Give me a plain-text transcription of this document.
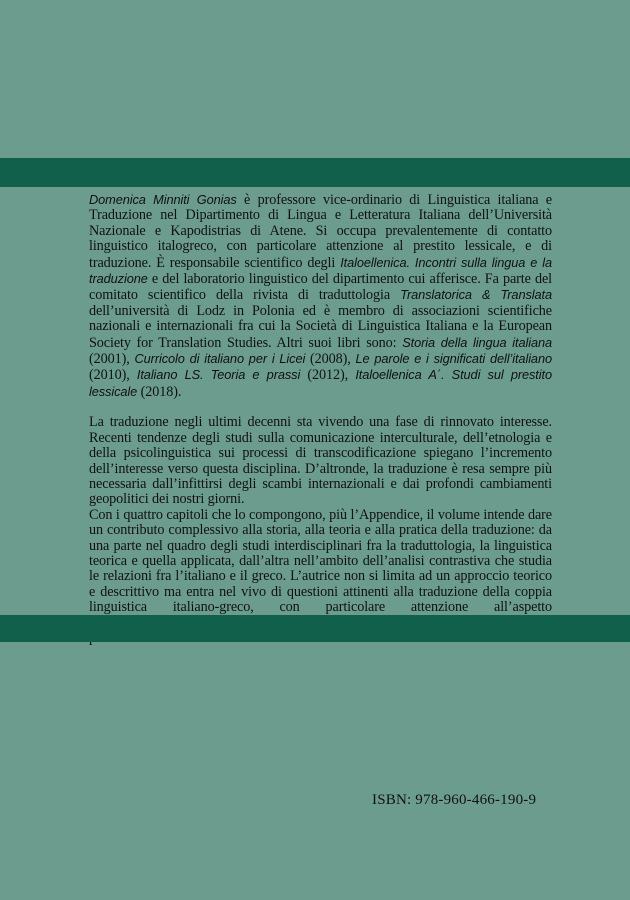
Domenica Minniti Gonias è professore vice-ordinario di Linguistica italiana e Traduzione nel Dipartimento di Lingua e Letteratura Italiana dell’Università Nazionale e Kapodistrias di Atene. Si occupa prevalentemente di contatto linguistico italogreco, con particolare attenzione al prestito lessicale, e di traduzione. È responsabile scientifico degli Italoellenica. Incontri sulla lingua e la traduzione e del laboratorio linguistico del dipartimento cui afferisce. Fa parte del comitato scientifico della rivista di traduttologia Translatorica & Translata dell’università di Lodz in Polonia ed è membro di associazioni scientifiche nazionali e internazionali fra cui la Società di Linguistica Italiana e la European Society for Translation Studies. Altri suoi libri sono: Storia della lingua italiana (2001), Curricolo di italiano per i Licei (2008), Le parole e i significati dell’italiano (2010), Italiano LS. Teoria e prassi (2012), Italoellenica A΄. Studi sul prestito lessicale (2018).

La traduzione negli ultimi decenni sta vivendo una fase di rinnovato interesse. Recenti tendenze degli studi sulla comunicazione interculturale, dell’etnologia e della psicolinguistica sui processi di transcodificazione spiegano l’incremento dell’interesse verso questa disciplina. D’altronde, la traduzione è resa sempre più necessaria dall’infittirsi degli scambi internazionali e dai profondi cambiamenti geopolitici dei nostri giorni.

Con i quattro capitoli che lo compongono, più l’Appendice, il volume intende dare un contributo complessivo alla storia, alla teoria e alla pratica della traduzione: da una parte nel quadro degli studi interdisciplinari fra la traduttologia, la linguistica teorica e quella applicata, dall’altra nell’ambito dell’analisi contrastiva che studia le relazioni fra l’italiano e il greco. L’autrice non si limita ad un approccio teorico e descrittivo ma entra nel vivo di questioni attinenti alla traduzione della coppia linguistica italiano-greco, con particolare attenzione all’aspetto

ISBN: 978-960-466-190-9
